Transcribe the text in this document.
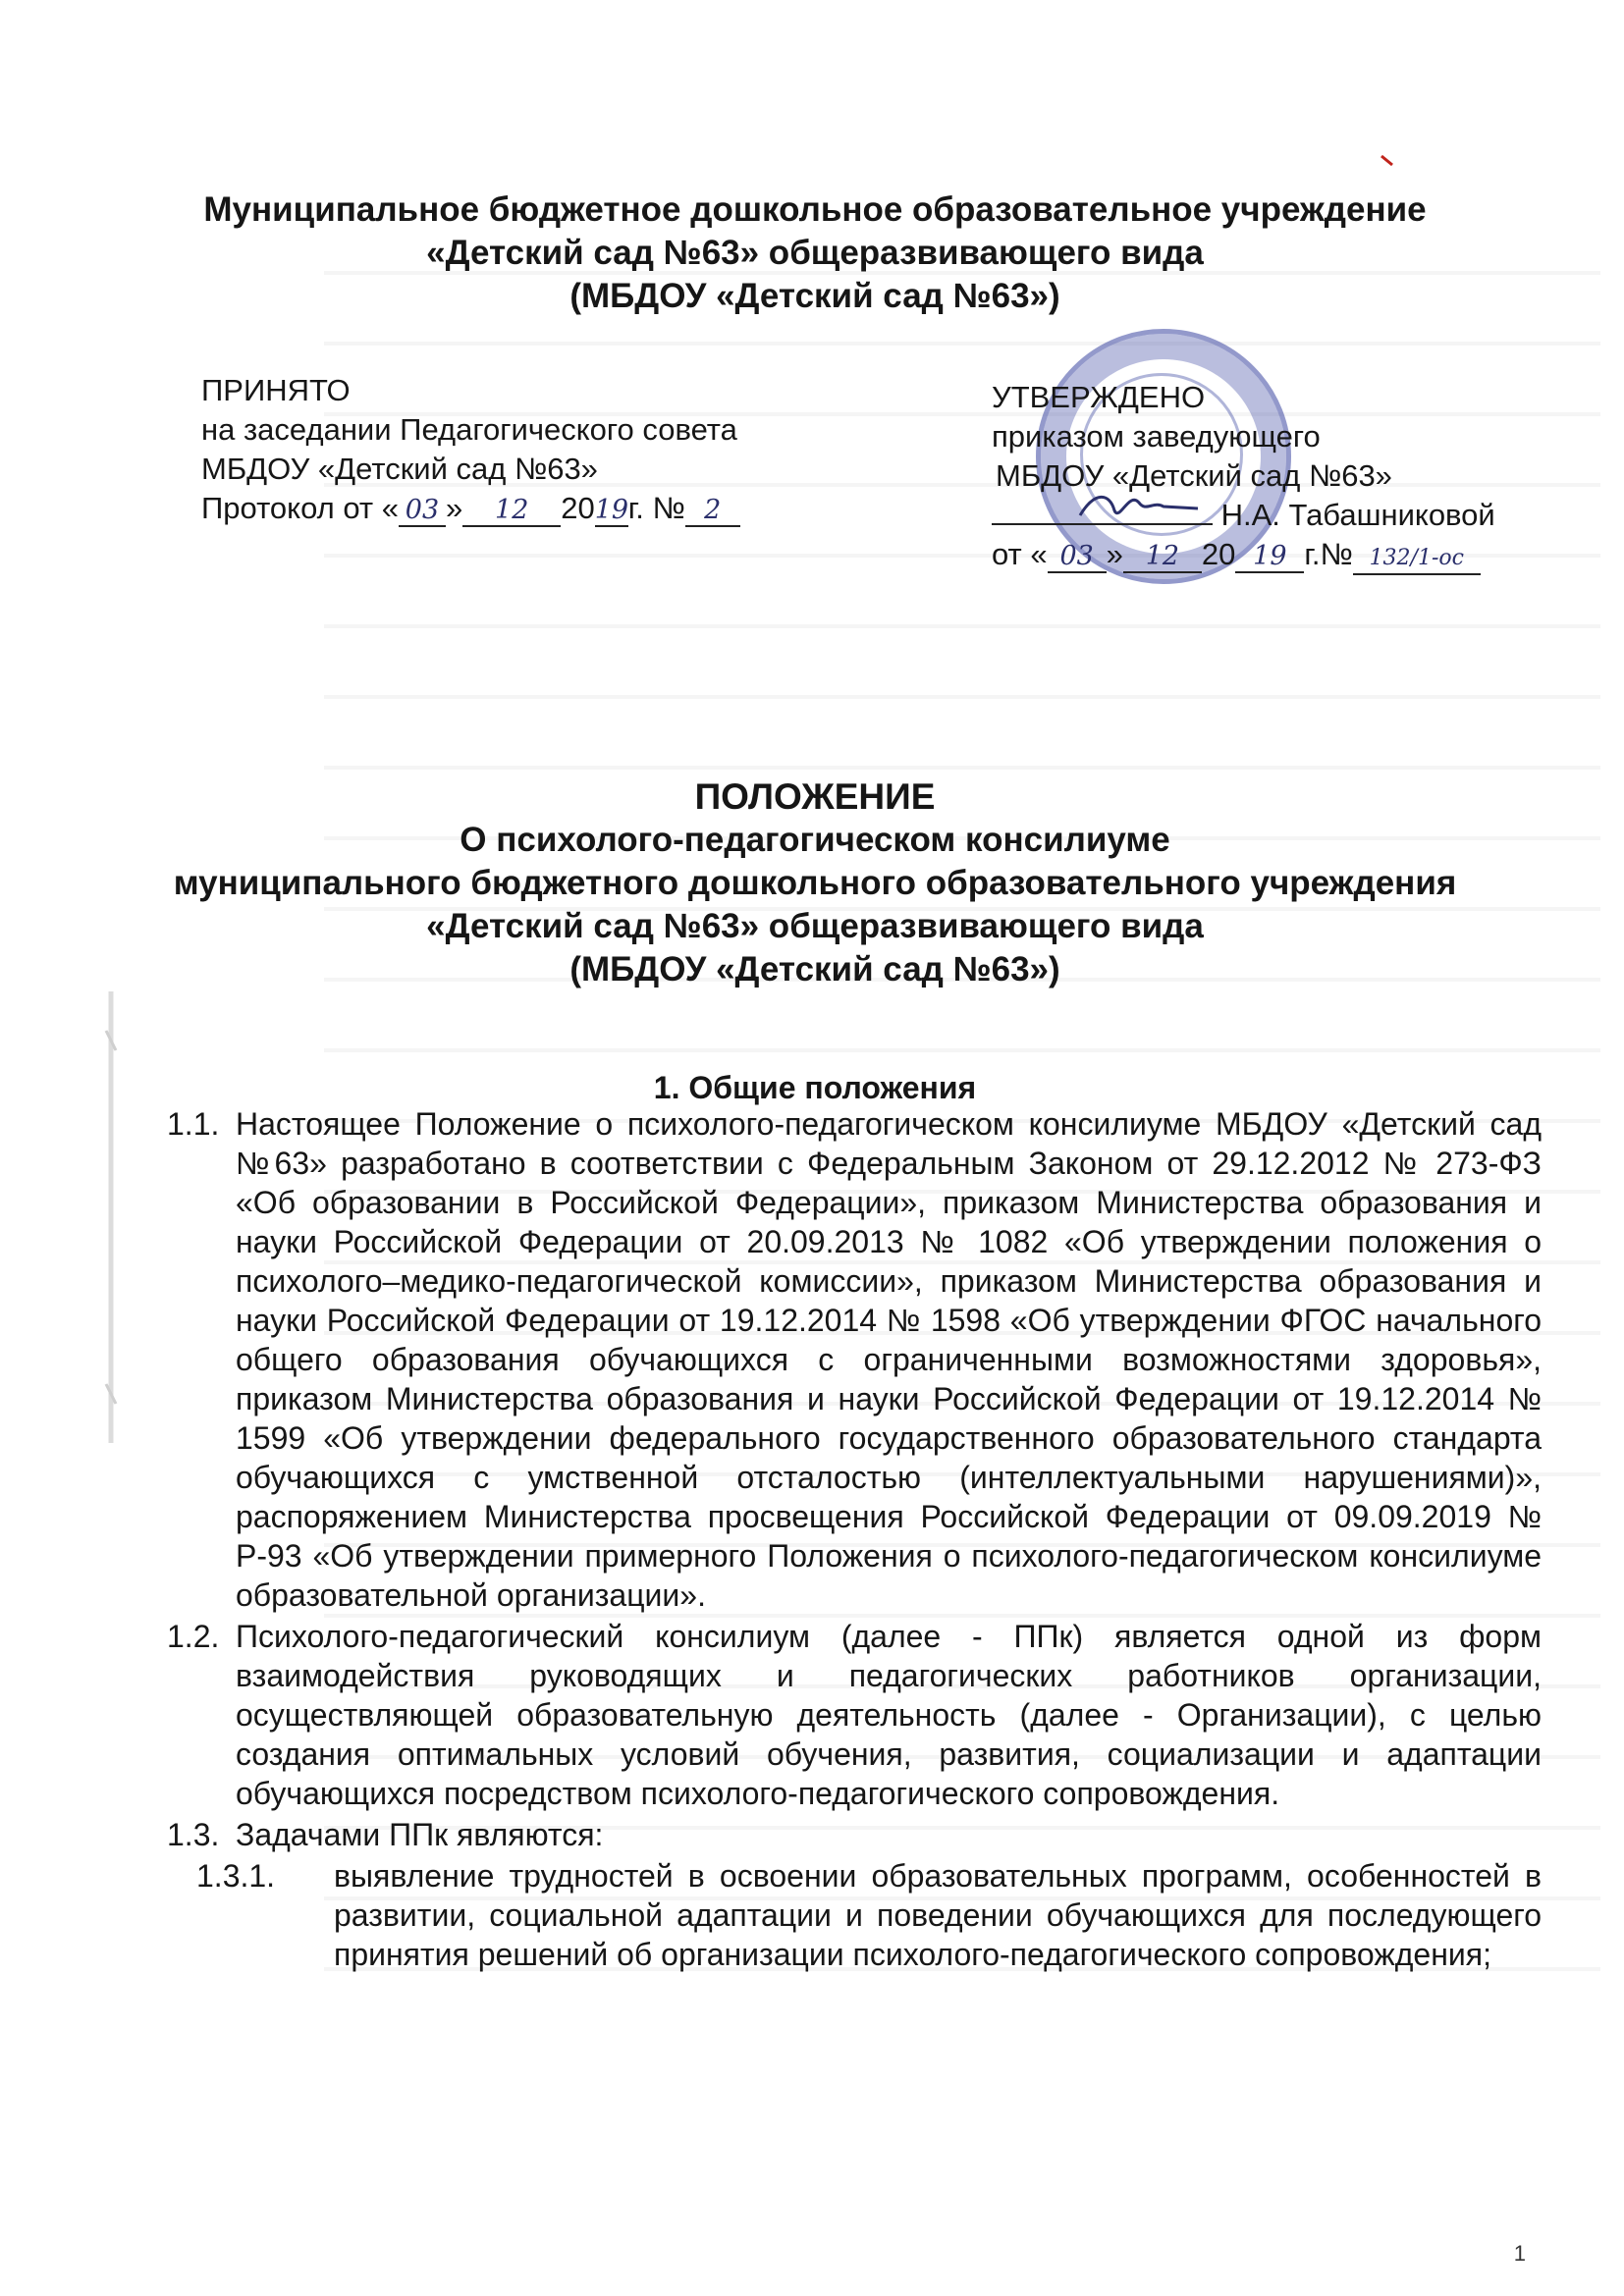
Муниципальное бюджетное дошкольное образовательное учреждение
«Детский сад №63» общеразвивающего вида
(МБДОУ «Детский сад №63»)
ПРИНЯТО
на заседании Педагогического совета
МБДОУ «Детский сад №63»
Протокол от « 03 » 12 2019г. № 2
УТВЕРЖДЕНО
приказом заведующего
МБДОУ «Детский сад №63»
Н.А. Табашниковой
от « 03 » 12 20 19 г.№ 132/1-ос
ПОЛОЖЕНИЕ
О психолого-педагогическом консилиуме
муниципального бюджетного дошкольного образовательного учреждения
«Детский сад №63» общеразвивающего вида
(МБДОУ «Детский сад №63»)
1. Общие положения
1.1. Настоящее Положение о психолого-педагогическом консилиуме МБДОУ «Детский сад №63» разработано в соответствии с Федеральным Законом от 29.12.2012 № 273-ФЗ «Об образовании в Российской Федерации», приказом Министерства образования и науки Российской Федерации от 20.09.2013 № 1082 «Об утверждении положения о психолого–медико-педагогической комиссии», приказом Министерства образования и науки Российской Федерации от 19.12.2014 № 1598 «Об утверждении ФГОС начального общего образования обучающихся с ограниченными возможностями здоровья», приказом Министерства образования и науки Российской Федерации от 19.12.2014 № 1599 «Об утверждении федерального государственного образовательного стандарта обучающихся с умственной отсталостью (интеллектуальными нарушениями)», распоряжением Министерства просвещения Российской Федерации от 09.09.2019 № Р-93 «Об утверждении примерного Положения о психолого-педагогическом консилиуме образовательной организации».
1.2. Психолого-педагогический консилиум (далее - ППк) является одной из форм взаимодействия руководящих и педагогических работников организации, осуществляющей образовательную деятельность (далее - Организации), с целью создания оптимальных условий обучения, развития, социализации и адаптации обучающихся посредством психолого-педагогического сопровождения.
1.3. Задачами ППк являются:
1.3.1. выявление трудностей в освоении образовательных программ, особенностей в развитии, социальной адаптации и поведении обучающихся для последующего принятия решений об организации психолого-педагогического сопровождения;
1
